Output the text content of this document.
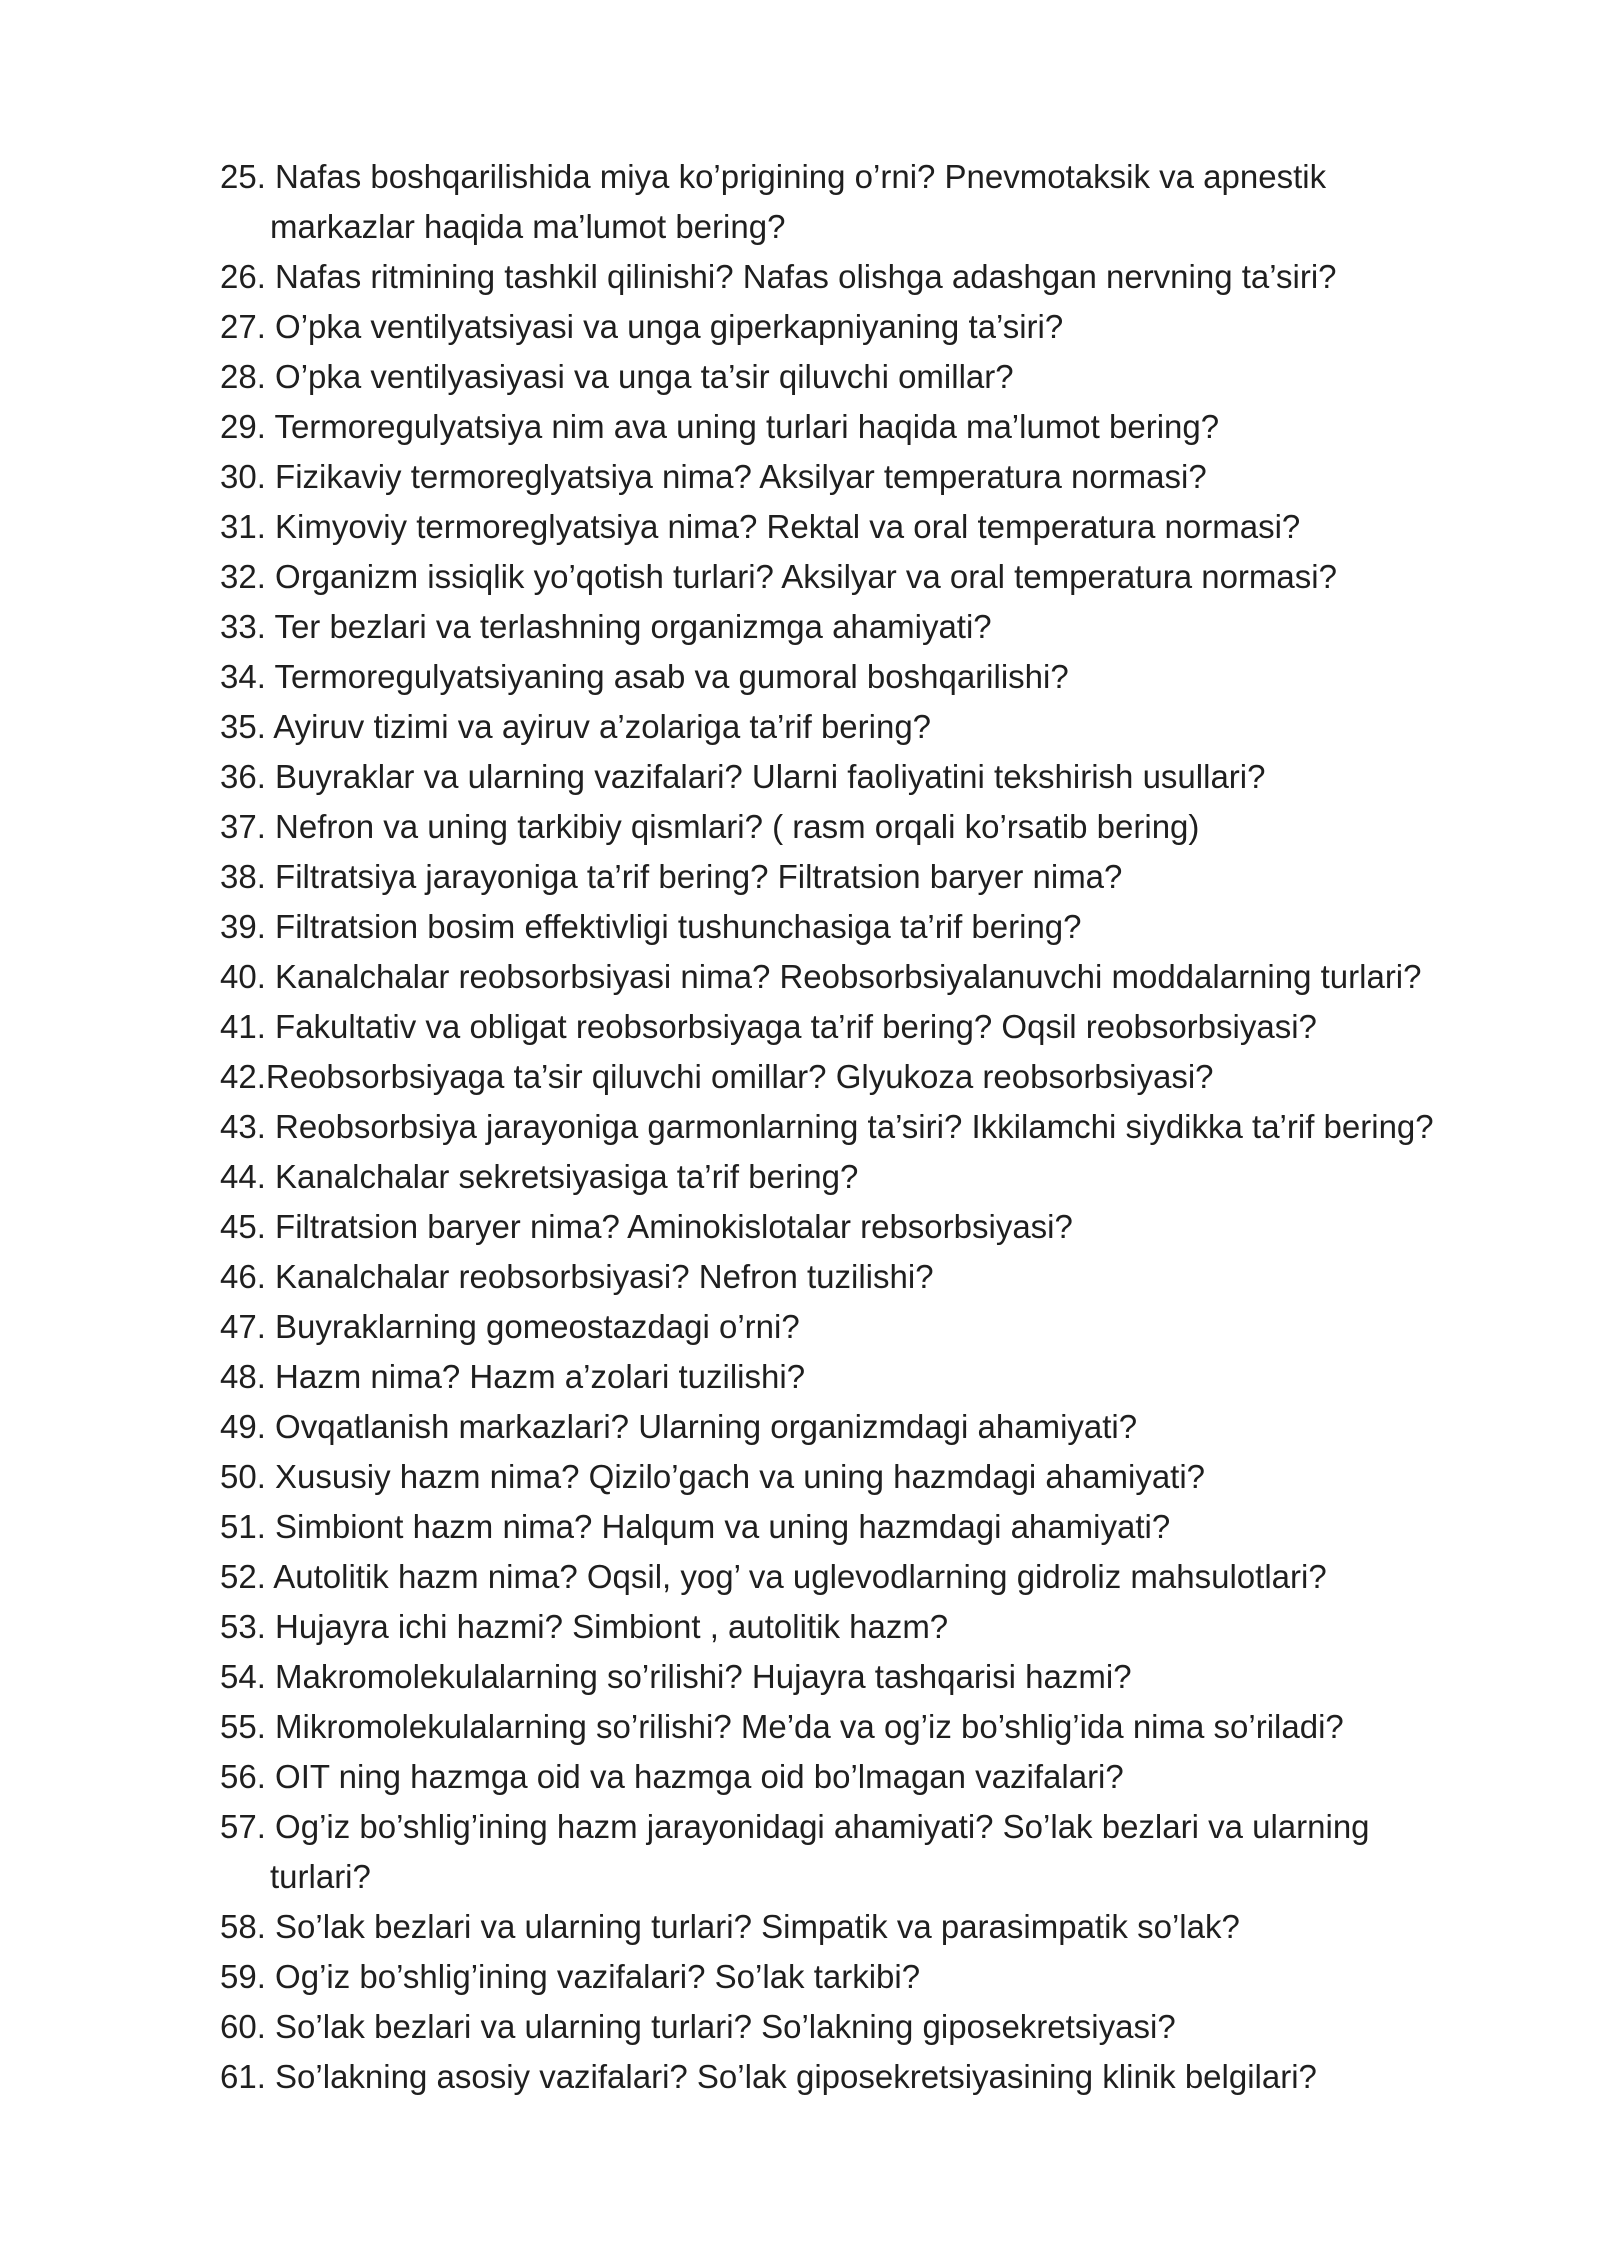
25. Nafas boshqarilishida miya ko’prigining o’rni? Pnevmotaksik va apnestik
markazlar haqida ma’lumot bering?
26. Nafas ritmining tashkil qilinishi? Nafas olishga adashgan nervning ta’siri?
27. O’pka ventilyatsiyasi va unga giperkapniyaning ta’siri?
28. O’pka ventilyasiyasi va unga ta’sir qiluvchi omillar?
29. Termoregulyatsiya nim ava uning turlari haqida ma’lumot bering?
30. Fizikaviy termoreglyatsiya nima? Aksilyar temperatura normasi?
31. Kimyoviy termoreglyatsiya nima? Rektal va oral temperatura normasi?
32. Organizm issiqlik yo’qotish turlari? Aksilyar va oral temperatura normasi?
33. Ter bezlari va terlashning organizmga ahamiyati?
34. Termoregulyatsiyaning asab va gumoral boshqarilishi?
35. Ayiruv tizimi va ayiruv a’zolariga ta’rif bering?
36. Buyraklar va ularning vazifalari? Ularni faoliyatini tekshirish usullari?
37. Nefron va uning tarkibiy qismlari? ( rasm orqali ko’rsatib bering)
38. Filtratsiya jarayoniga ta’rif bering? Filtratsion baryer nima?
39. Filtratsion bosim effektivligi tushunchasiga ta’rif bering?
40. Kanalchalar reobsorbsiyasi nima? Reobsorbsiyalanuvchi moddalarning turlari?
41. Fakultativ va obligat reobsorbsiyaga ta’rif bering? Oqsil reobsorbsiyasi?
42.Reobsorbsiyaga ta’sir qiluvchi omillar? Glyukoza reobsorbsiyasi?
43. Reobsorbsiya jarayoniga garmonlarning ta’siri? Ikkilamchi siydikka ta’rif bering?
44. Kanalchalar sekretsiyasiga ta’rif bering?
45. Filtratsion baryer nima? Aminokislotalar rebsorbsiyasi?
46. Kanalchalar reobsorbsiyasi? Nefron tuzilishi?
47. Buyraklarning gomeostazdagi o’rni?
48. Hazm nima? Hazm a’zolari tuzilishi?
49. Ovqatlanish markazlari? Ularning organizmdagi ahamiyati?
50. Xususiy hazm nima? Qizilo’gach va uning hazmdagi ahamiyati?
51. Simbiont hazm nima? Halqum va uning hazmdagi ahamiyati?
52. Autolitik hazm nima? Oqsil, yog’ va uglevodlarning gidroliz mahsulotlari?
53. Hujayra ichi hazmi? Simbiont , autolitik hazm?
54. Makromolekulalarning so’rilishi? Hujayra tashqarisi hazmi?
55. Mikromolekulalarning so’rilishi? Me’da va og’iz bo’shlig’ida nima so’riladi?
56. OIT ning hazmga oid va hazmga oid bo’lmagan vazifalari?
57. Og’iz bo’shlig’ining hazm jarayonidagi ahamiyati? So’lak bezlari va ularning
turlari?
58. So’lak bezlari va ularning turlari? Simpatik va parasimpatik so’lak?
59. Og’iz bo’shlig’ining vazifalari? So’lak tarkibi?
60. So’lak bezlari va ularning turlari? So’lakning giposekretsiyasi?
61. So’lakning asosiy vazifalari? So’lak giposekretsiyasining klinik belgilari?
